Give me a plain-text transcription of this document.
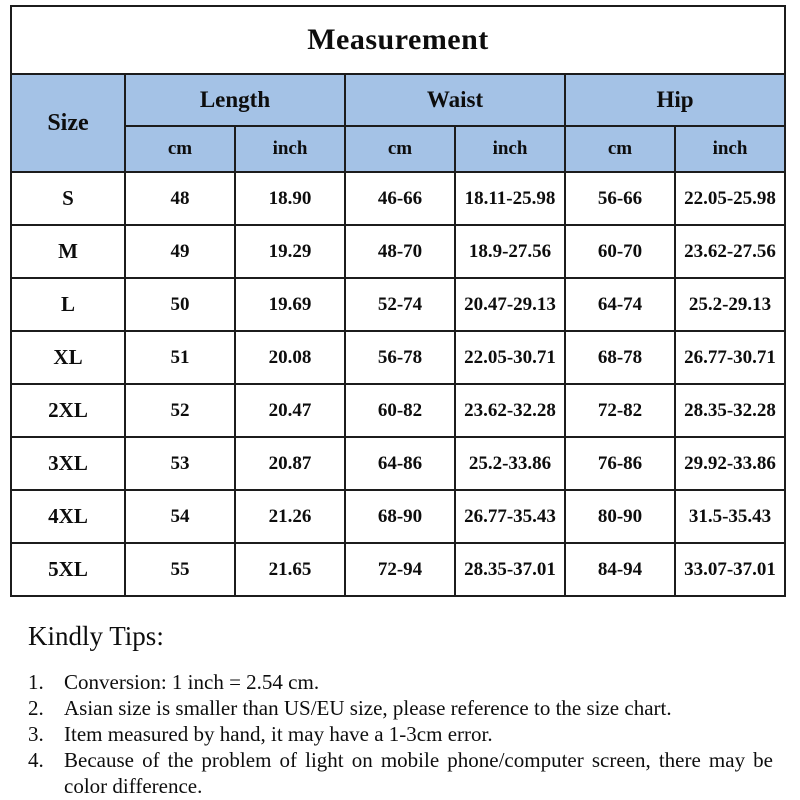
Measurement						
Size	Length		Waist		Hip	
	cm	inch	cm	inch	cm	inch
S	48	18.90	46-66	18.11-25.98	56-66	22.05-25.98
M	49	19.29	48-70	18.9-27.56	60-70	23.62-27.56
L	50	19.69	52-74	20.47-29.13	64-74	25.2-29.13
XL	51	20.08	56-78	22.05-30.71	68-78	26.77-30.71
2XL	52	20.47	60-82	23.62-32.28	72-82	28.35-32.28
3XL	53	20.87	64-86	25.2-33.86	76-86	29.92-33.86
4XL	54	21.26	68-90	26.77-35.43	80-90	31.5-35.43
5XL	55	21.65	72-94	28.35-37.01	84-94	33.07-37.01

Kindly Tips:

1. Conversion: 1 inch = 2.54 cm.
2. Asian size is smaller than US/EU size, please reference to the size chart.
3. Item measured by hand, it may have a 1-3cm error.
4. Because of the problem of light on mobile phone/computer screen, there may be color difference.
